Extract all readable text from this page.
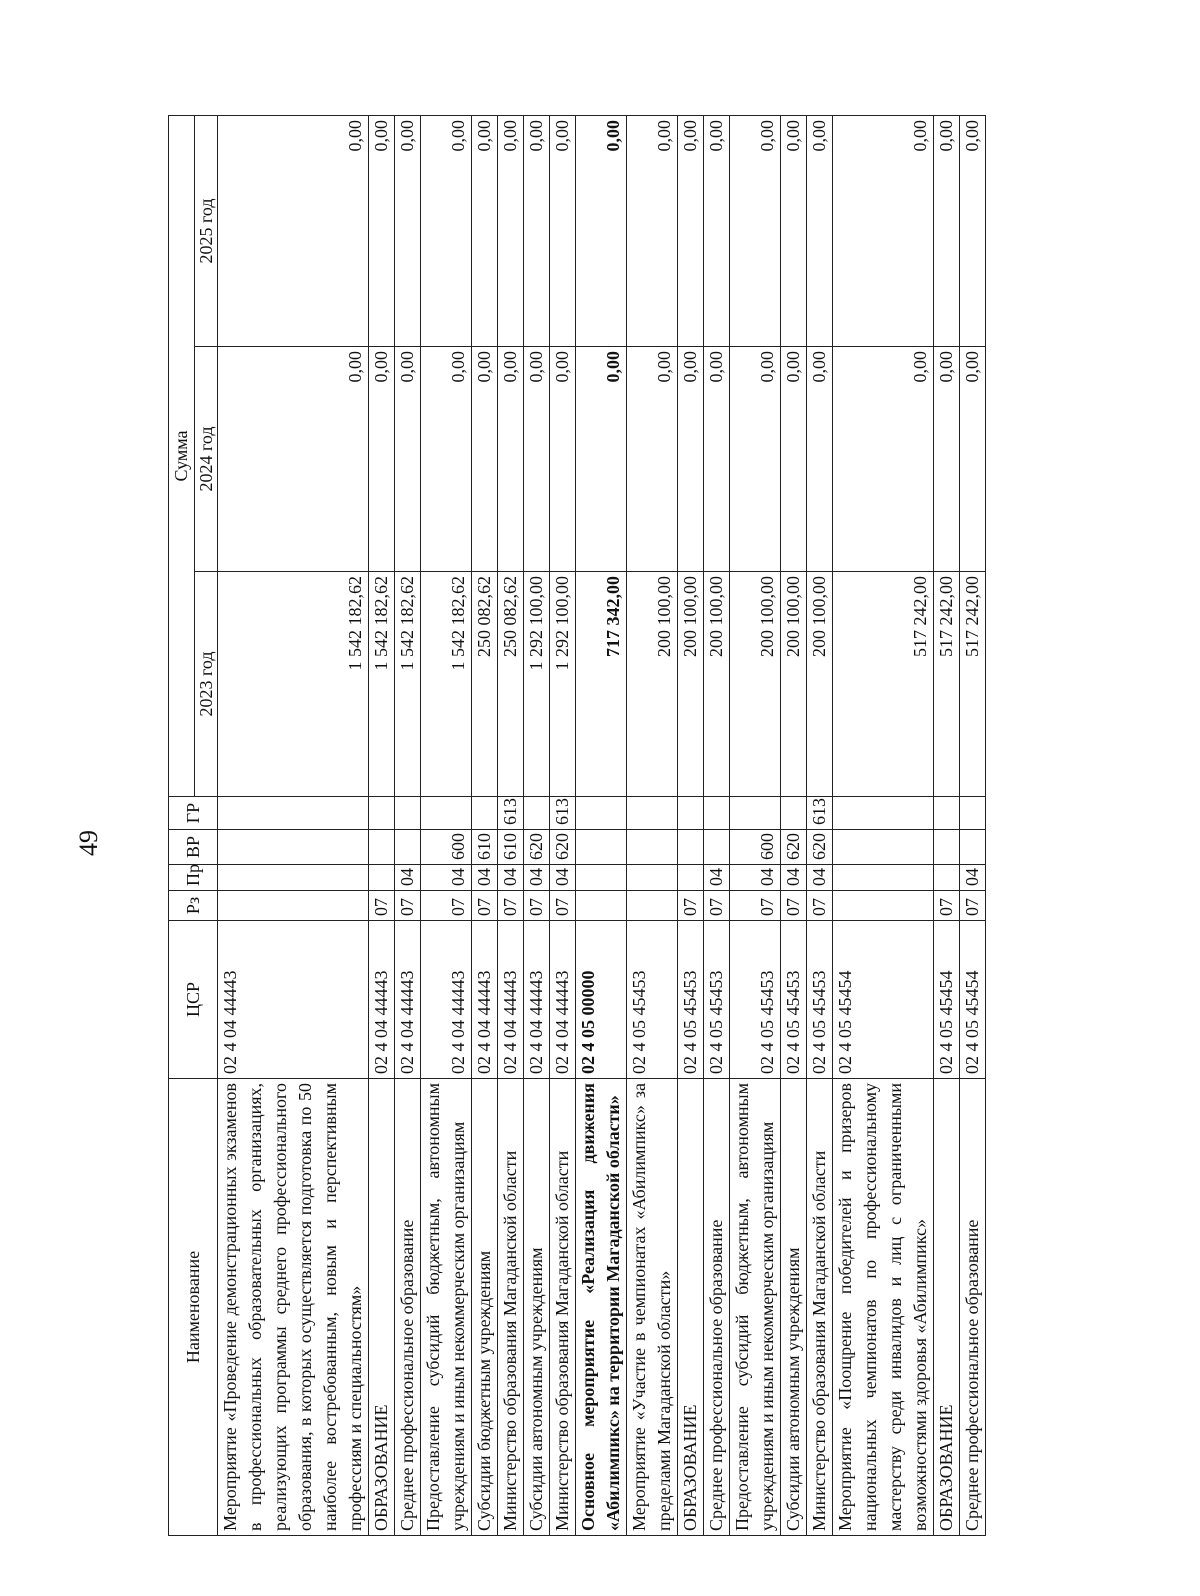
49
Наименование	ЦСР	Рз	Пр	ВР	ГР	Сумма		
						2023 год	2024 год	2025 год
Мероприятие «Проведение демонстрационных экзаменов в профессиональных образовательных организациях, реализующих программы среднего профессионального образования, в которых осуществляется подготовка по 50 наиболее востребованным, новым и перспективным профессиям и специальностям»	02 4 04 44443					1 542 182,62	0,00	0,00
ОБРАЗОВАНИЕ	02 4 04 44443	07				1 542 182,62	0,00	0,00
Среднее профессиональное образование	02 4 04 44443	07	04			1 542 182,62	0,00	0,00
Предоставление субсидий бюджетным, автономным учреждениям и иным некоммерческим организациям	02 4 04 44443	07	04	600		1 542 182,62	0,00	0,00
Субсидии бюджетным учреждениям	02 4 04 44443	07	04	610		250 082,62	0,00	0,00
Министерство образования Магаданской области	02 4 04 44443	07	04	610	613	250 082,62	0,00	0,00
Субсидии автономным учреждениям	02 4 04 44443	07	04	620		1 292 100,00	0,00	0,00
Министерство образования Магаданской области	02 4 04 44443	07	04	620	613	1 292 100,00	0,00	0,00
Основное мероприятие «Реализация движения «Абилимпикс» на территории Магаданской области»	02 4 05 00000					717 342,00	0,00	0,00
Мероприятие «Участие в чемпионатах «Абилимпикс» за пределами Магаданской области»	02 4 05 45453					200 100,00	0,00	0,00
ОБРАЗОВАНИЕ	02 4 05 45453	07				200 100,00	0,00	0,00
Среднее профессиональное образование	02 4 05 45453	07	04			200 100,00	0,00	0,00
Предоставление субсидий бюджетным, автономным учреждениям и иным некоммерческим организациям	02 4 05 45453	07	04	600		200 100,00	0,00	0,00
Субсидии автономным учреждениям	02 4 05 45453	07	04	620		200 100,00	0,00	0,00
Министерство образования Магаданской области	02 4 05 45453	07	04	620	613	200 100,00	0,00	0,00
Мероприятие «Поощрение победителей и призеров национальных чемпионатов по профессиональному мастерству среди инвалидов и лиц с ограниченными возможностями здоровья «Абилимпикс»	02 4 05 45454					517 242,00	0,00	0,00
ОБРАЗОВАНИЕ	02 4 05 45454	07				517 242,00	0,00	0,00
Среднее профессиональное образование	02 4 05 45454	07	04			517 242,00	0,00	0,00
